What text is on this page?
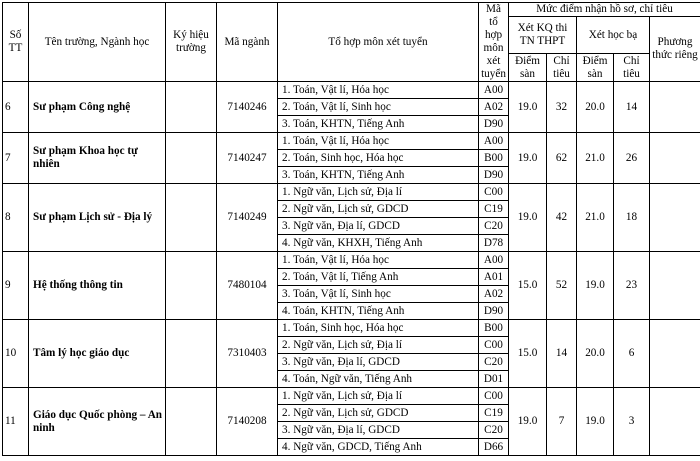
Số TT	Tên trường, Ngành học	Ký hiệu trường	Mã ngành	Tổ hợp môn xét tuyển	Mã tổ hợp môn xét tuyển	Mức điểm nhận hồ sơ, chỉ tiêu				
						Xét KQ thi TN THPT		Xét học bạ		Phương thức riêng
						Điểm sàn	Chỉ tiêu	Điểm sàn	Chỉ tiêu	
6	Sư phạm Công nghệ		7140246	1. Toán, Vật lí, Hóa học	A00	19.0	32	20.0	14	
				2. Toán, Vật lí, Sinh học	A02					
				3. Toán, KHTN, Tiếng Anh	D90					
7	Sư phạm Khoa học tự nhiên		7140247	1. Toán, Vật lí, Hóa học	A00	19.0	62	21.0	26	
				2. Toán, Sinh học, Hóa học	B00					
				3. Toán, KHTN, Tiếng Anh	D90					
8	Sư phạm Lịch sử - Địa lý		7140249	1. Ngữ văn, Lịch sử, Địa lí	C00	19.0	42	21.0	18	
				2. Ngữ văn, Lịch sử, GDCD	C19					
				3. Ngữ văn, Địa lí, GDCD	C20					
				4. Ngữ văn, KHXH, Tiếng Anh	D78					
9	Hệ thống thông tin		7480104	1. Toán, Vật lí, Hóa học	A00	15.0	52	19.0	23	
				2. Toán, Vật lí, Tiếng Anh	A01					
				3. Toán, Vật lí, Sinh học	A02					
				4. Toán, KHTN, Tiếng Anh	D90					
10	Tâm lý học giáo dục		7310403	1. Toán, Sinh học, Hóa học	B00	15.0	14	20.0	6	
				2. Ngữ văn, Lịch sử, Địa lí	C00					
				3. Ngữ văn, Địa lí, GDCD	C20					
				4. Toán, Ngữ văn, Tiếng Anh	D01					
11	Giáo dục Quốc phòng – An ninh		7140208	1. Ngữ văn, Lịch sử, Địa lí	C00	19.0	7	19.0	3	
				2. Ngữ văn, Lịch sử, GDCD	C19					
				3. Ngữ văn, Địa lí, GDCD	C20					
				4. Ngữ văn, GDCD, Tiếng Anh	D66					
